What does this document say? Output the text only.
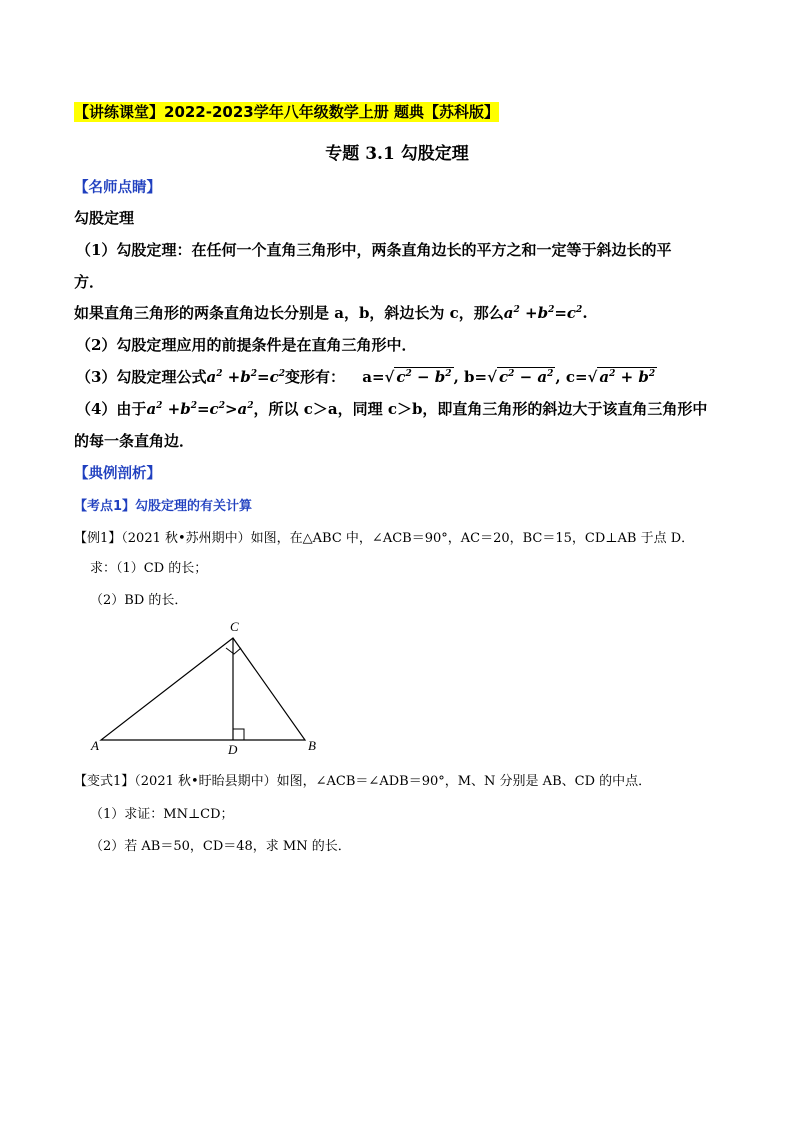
【讲练课堂】2022-2023学年八年级数学上册 题典【苏科版】
专题 3.1 勾股定理
【名师点睛】
勾股定理
（1）勾股定理：在任何一个直角三角形中，两条直角边长的平方之和一定等于斜边长的平
方．
如果直角三角形的两条直角边长分别是 a，b，斜边长为 c，那么$a^2 +b^2=c^2$.
（2）勾股定理应用的前提条件是在直角三角形中．
（3）勾股定理公式$a^2 +b^2=c^2$变形有： a=√ $c^2 - b^2$ , b=√ $c^2 - a^2$ , c=√ $a^2 + b^2$
（4）由于$a^2 +b^2=c^2>a^2$，所以 c＞a，同理 c＞b，即直角三角形的斜边大于该直角三角形中
的每一条直角边．
【典例剖析】
【考点1】勾股定理的有关计算
【例1】（2021 秋•苏州期中）如图，在△ABC 中，∠ACB＝90°，AC＝20，BC＝15，CD⊥AB 于点 D．
求：（1）CD 的长；
（2）BD 的长．
C
A	D	B
【变式1】（2021 秋•盱眙县期中）如图，∠ACB＝∠ADB＝90°，M、N 分别是 AB、CD 的中点．
（1）求证：MN⊥CD；
（2）若 AB＝50，CD＝48，求 MN 的长．
